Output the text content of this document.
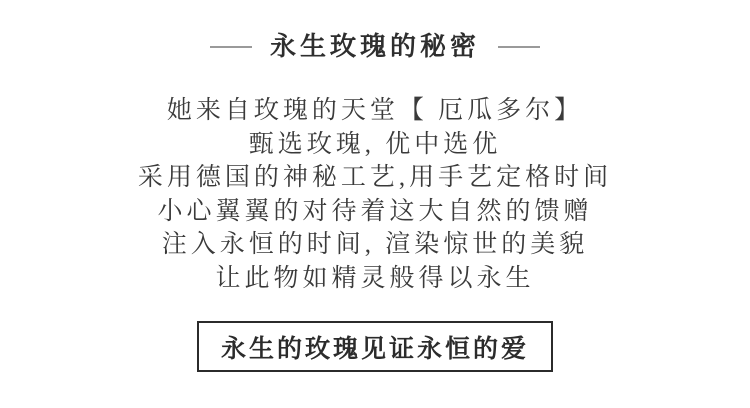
永生玫瑰的秘密

她来自玫瑰的天堂【 厄瓜多尔】

甄选玫瑰, 优中选优

采用德国的神秘工艺,用手艺定格时间

小心翼翼的对待着这大自然的馈赠

注入永恒的时间, 渲染惊世的美貌

让此物如精灵般得以永生

永生的玫瑰见证永恒的爱
